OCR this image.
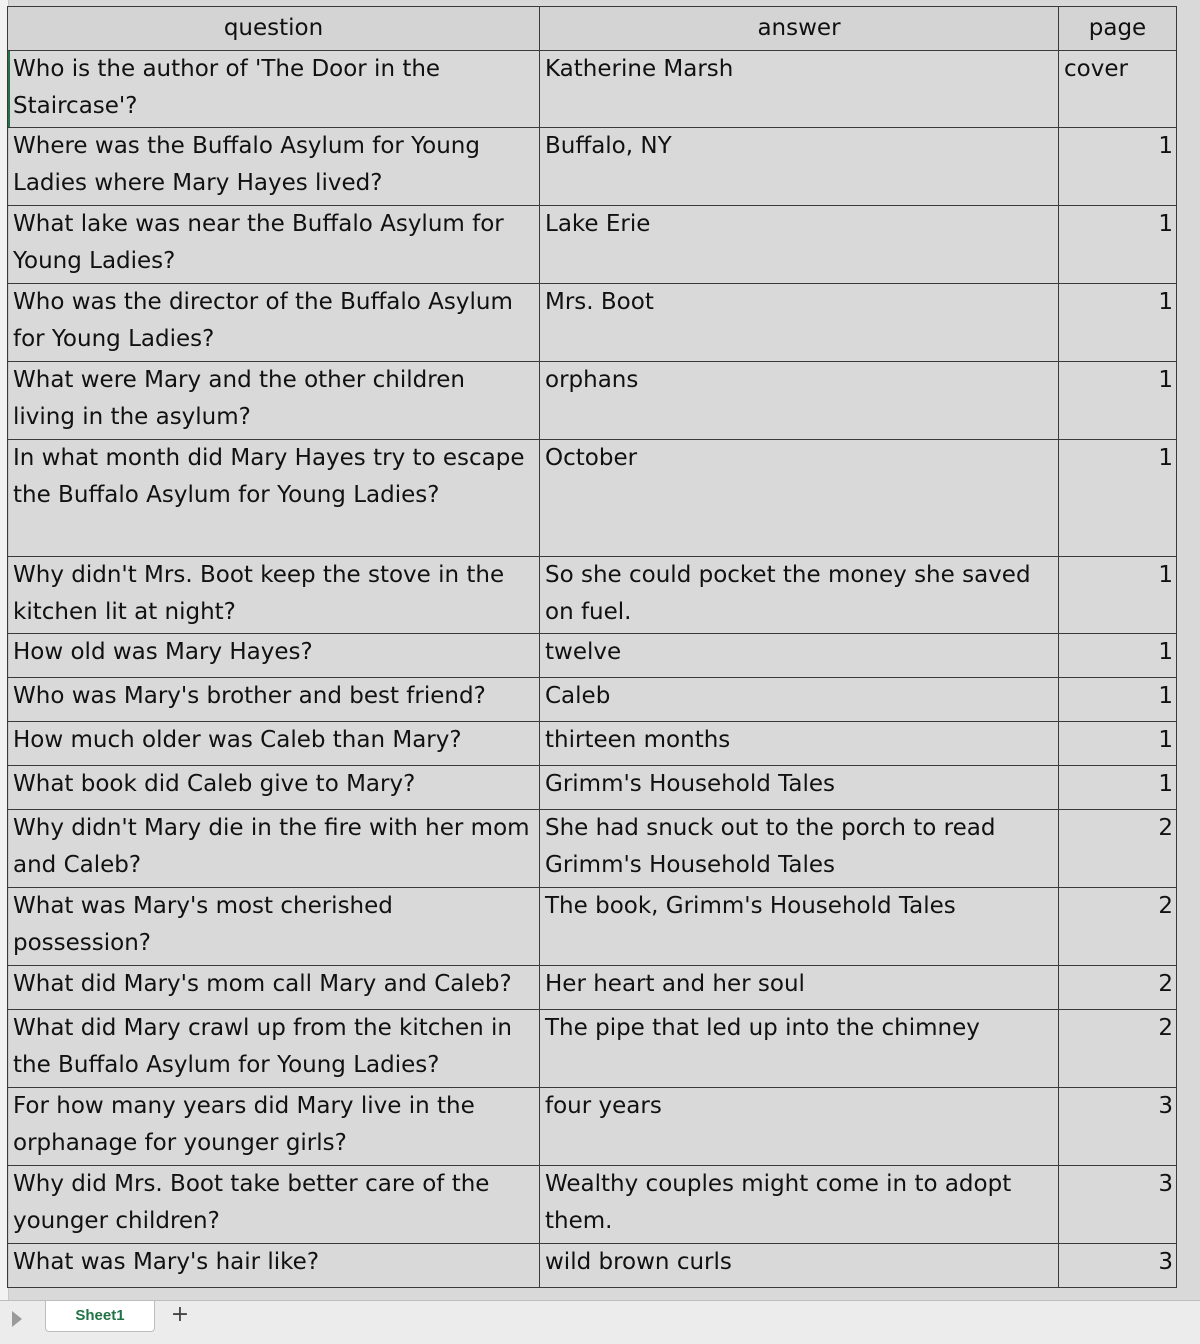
question	answer	page
Who is the author of 'The Door in the Staircase'?	Katherine Marsh	cover
Where was the Buffalo Asylum for Young Ladies where Mary Hayes lived?	Buffalo, NY	1
What lake was near the Buffalo Asylum for Young Ladies?	Lake Erie	1
Who was the director of the Buffalo Asylum for Young Ladies?	Mrs. Boot	1
What were Mary and the other children living in the asylum?	orphans	1
In what month did Mary Hayes try to escape the Buffalo Asylum for Young Ladies?	October	1
Why didn't Mrs. Boot keep the stove in the kitchen lit at night?	So she could pocket the money she saved on fuel.	1
How old was Mary Hayes?	twelve	1
Who was Mary's brother and best friend?	Caleb	1
How much older was Caleb than Mary?	thirteen months	1
What book did Caleb give to Mary?	Grimm's Household Tales	1
Why didn't Mary die in the fire with her mom and Caleb?	She had snuck out to the porch to read Grimm's Household Tales	2
What was Mary's most cherished possession?	The book, Grimm's Household Tales	2
What did Mary's mom call Mary and Caleb?	Her heart and her soul	2
What did Mary crawl up from the kitchen in the Buffalo Asylum for Young Ladies?	The pipe that led up into the chimney	2
For how many years did Mary live in the orphanage for younger girls?	four years	3
Why did Mrs. Boot take better care of the younger children?	Wealthy couples might come in to adopt them.	3
What was Mary's hair like?	wild brown curls	3
Sheet1	+
